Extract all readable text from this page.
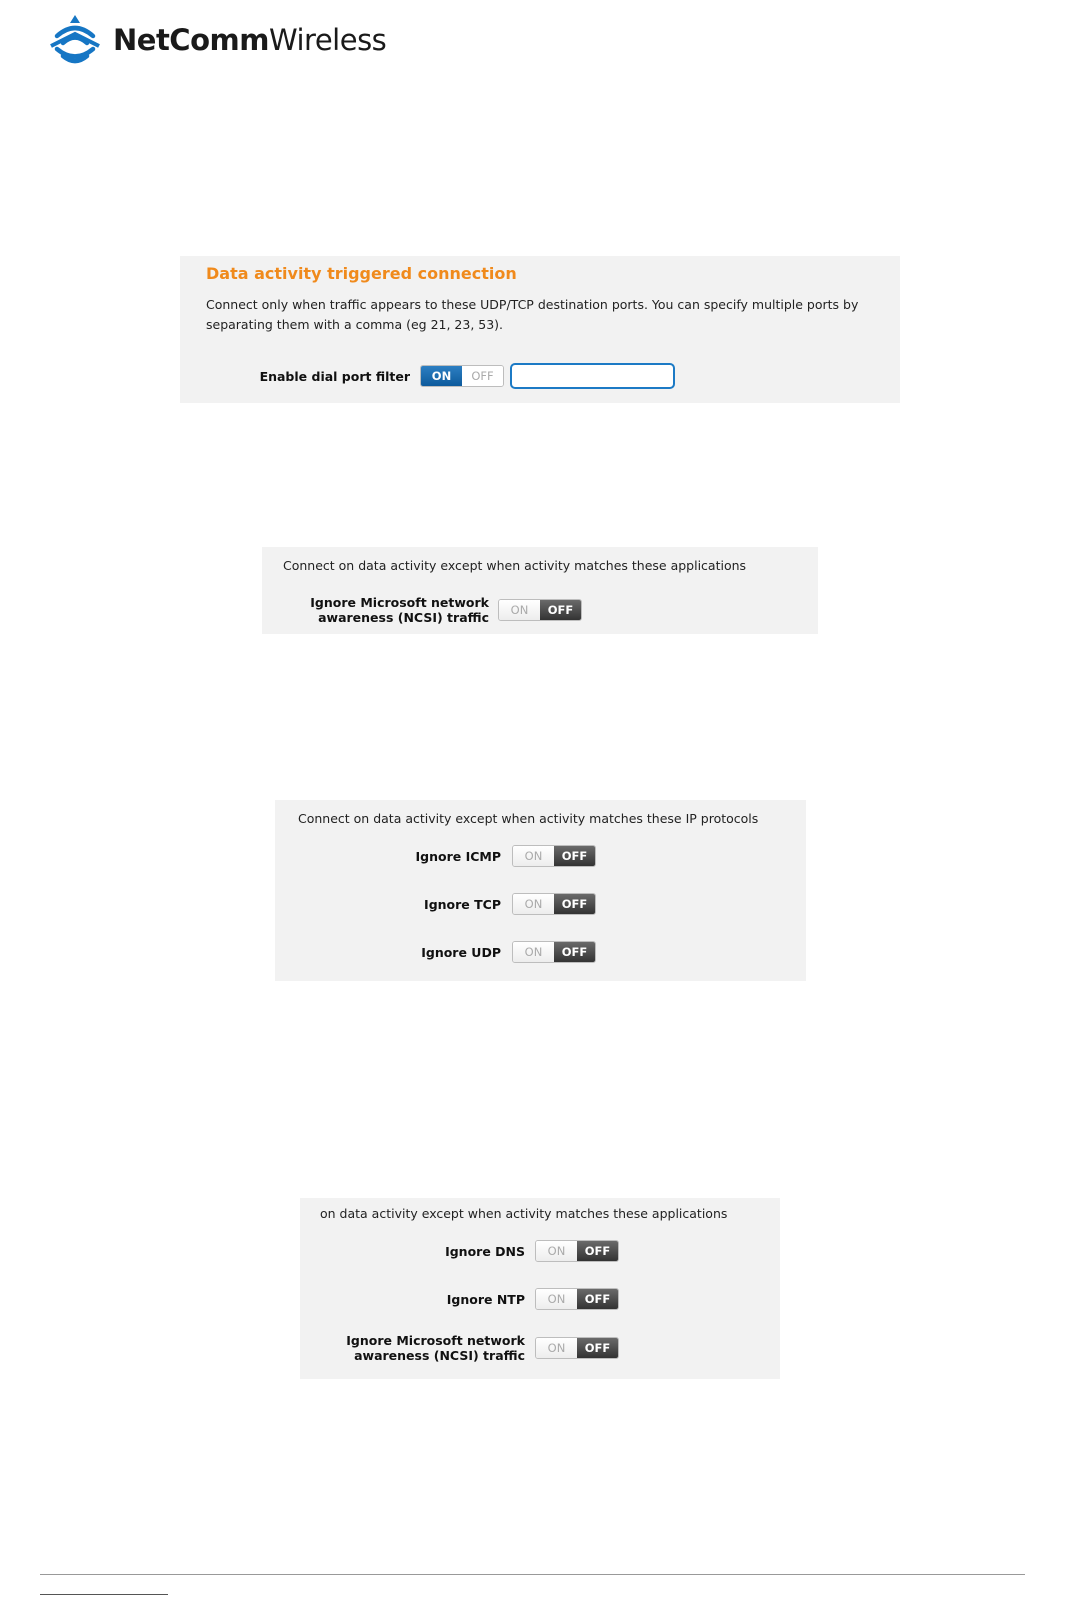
NetCommWireless
Data activity triggered connection
Connect only when traffic appears to these UDP/TCP destination ports. You can specify multiple ports by
separating them with a comma (eg 21, 23, 53).
Enable dial port filter	ON	OFF
Connect on data activity except when activity matches these applications
Ignore Microsoft network
awareness (NCSI) traffic	ON	OFF
Connect on data activity except when activity matches these IP protocols
Ignore ICMP	ON	OFF
Ignore TCP	ON	OFF
Ignore UDP	ON	OFF
on data activity except when activity matches these applications
Ignore DNS	ON	OFF
Ignore NTP	ON	OFF
Ignore Microsoft network
awareness (NCSI) traffic	ON	OFF
